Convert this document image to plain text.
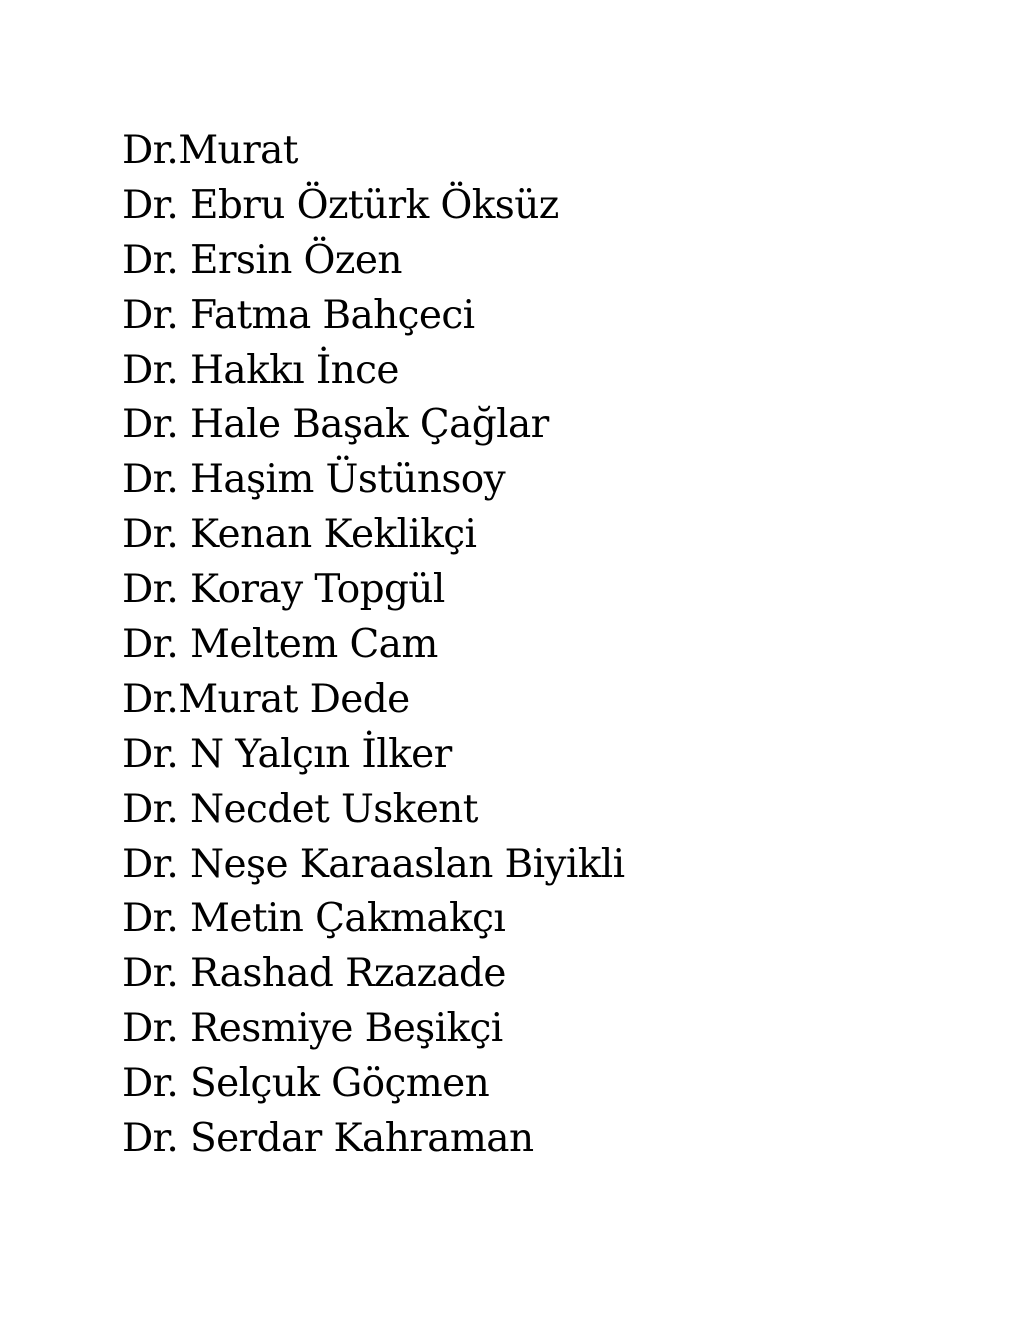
Dr.Murat
Dr. Ebru Öztürk Öksüz
Dr. Ersin Özen
Dr. Fatma Bahçeci
Dr. Hakkı İnce
Dr. Hale Başak Çağlar
Dr. Haşim Üstünsoy
Dr. Kenan Keklikçi
Dr. Koray Topgül
Dr. Meltem Cam
Dr.Murat Dede
Dr. N Yalçın İlker
Dr. Necdet Uskent
Dr. Neşe Karaaslan Biyikli
Dr. Metin Çakmakçı
Dr. Rashad Rzazade
Dr. Resmiye Beşikçi
Dr. Selçuk Göçmen
Dr. Serdar Kahraman
